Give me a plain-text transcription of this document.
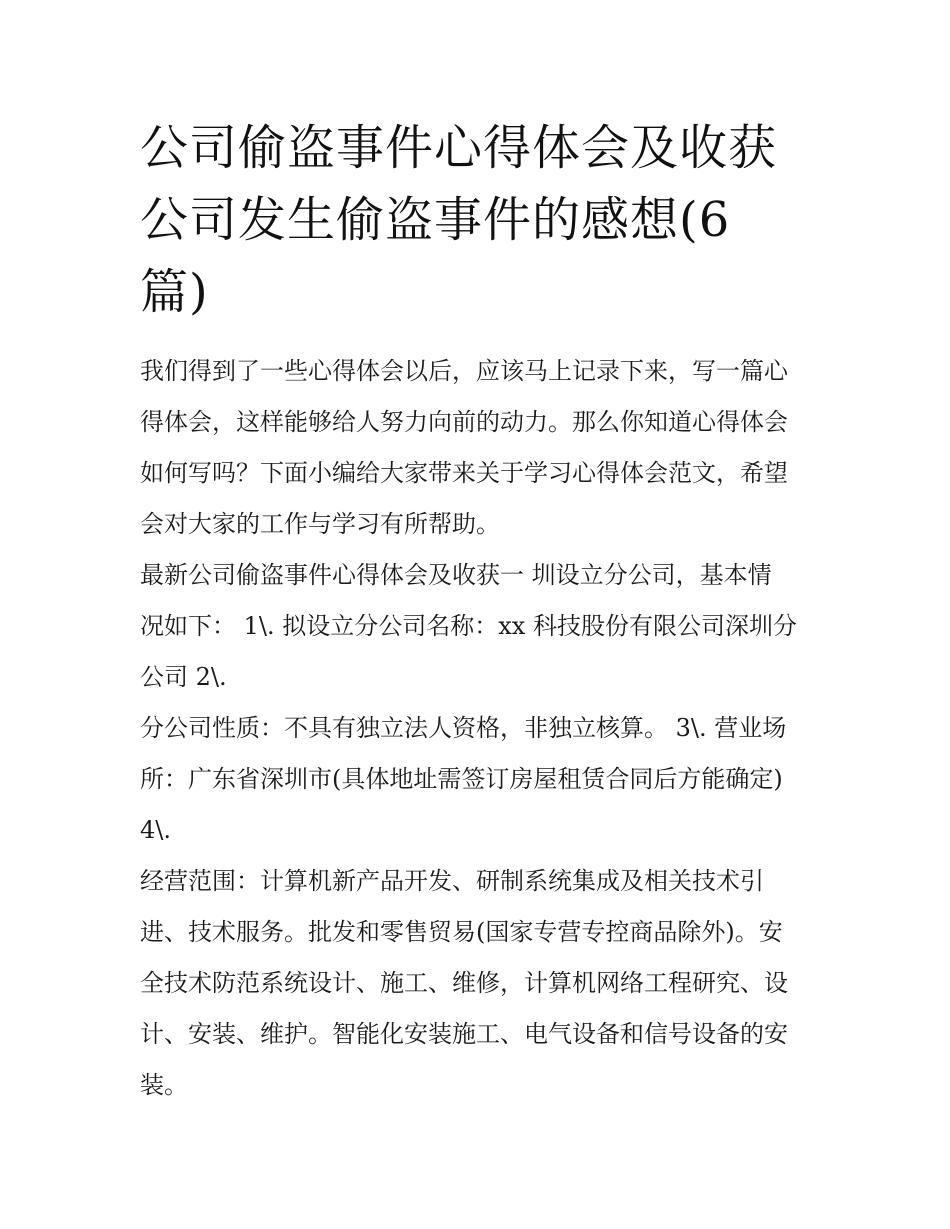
公司偷盗事件心得体会及收获
公司发生偷盗事件的感想(6
篇)
我们得到了一些心得体会以后，应该马上记录下来，写一篇心
得体会，这样能够给人努力向前的动力。那么你知道心得体会
如何写吗？下面小编给大家带来关于学习心得体会范文，希望
会对大家的工作与学习有所帮助。
最新公司偷盗事件心得体会及收获一 圳设立分公司，基本情
况如下： 1\. 拟设立分公司名称：xx 科技股份有限公司深圳分
公司 2\.
分公司性质：不具有独立法人资格，非独立核算。 3\. 营业场
所：广东省深圳市(具体地址需签订房屋租赁合同后方能确定)
4\.
经营范围：计算机新产品开发、研制系统集成及相关技术引
进、技术服务。批发和零售贸易(国家专营专控商品除外)。安
全技术防范系统设计、施工、维修，计算机网络工程研究、设
计、安装、维护。智能化安装施工、电气设备和信号设备的安
装。
